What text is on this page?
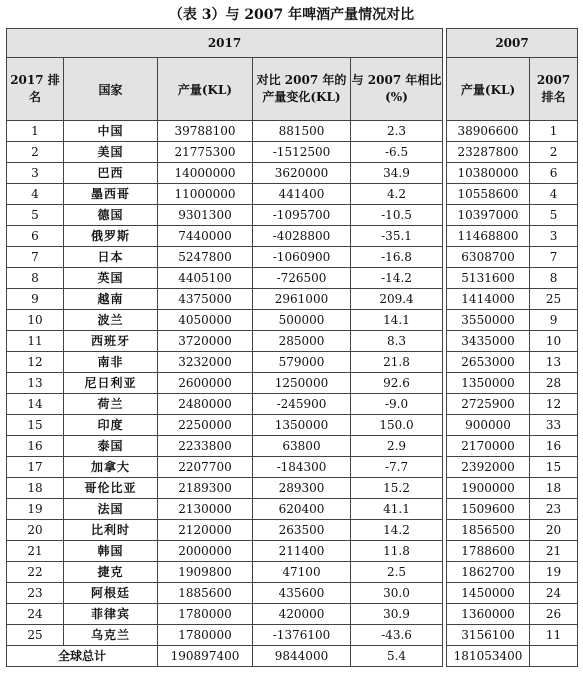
（表 3）与 2007 年啤酒产量情况对比
2017						2007	
2017 排名	国家	产量(KL)	对比 2007 年的产量变化(KL)	与 2007 年相比(%)		产量(KL)	2007 排名
1	中国	39788100	881500	2.3		38906600	1
2	美国	21775300	-1512500	-6.5		23287800	2
3	巴西	14000000	3620000	34.9		10380000	6
4	墨西哥	11000000	441400	4.2		10558600	4
5	德国	9301300	-1095700	-10.5		10397000	5
6	俄罗斯	7440000	-4028800	-35.1		11468800	3
7	日本	5247800	-1060900	-16.8		6308700	7
8	英国	4405100	-726500	-14.2		5131600	8
9	越南	4375000	2961000	209.4		1414000	25
10	波兰	4050000	500000	14.1		3550000	9
11	西班牙	3720000	285000	8.3		3435000	10
12	南非	3232000	579000	21.8		2653000	13
13	尼日利亚	2600000	1250000	92.6		1350000	28
14	荷兰	2480000	-245900	-9.0		2725900	12
15	印度	2250000	1350000	150.0		900000	33
16	泰国	2233800	63800	2.9		2170000	16
17	加拿大	2207700	-184300	-7.7		2392000	15
18	哥伦比亚	2189300	289300	15.2		1900000	18
19	法国	2130000	620400	41.1		1509600	23
20	比利时	2120000	263500	14.2		1856500	20
21	韩国	2000000	211400	11.8		1788600	21
22	捷克	1909800	47100	2.5		1862700	19
23	阿根廷	1885600	435600	30.0		1450000	24
24	菲律宾	1780000	420000	30.9		1360000	26
25	乌克兰	1780000	-1376100	-43.6		3156100	11
全球总计		190897400	9844000	5.4		181053400	
